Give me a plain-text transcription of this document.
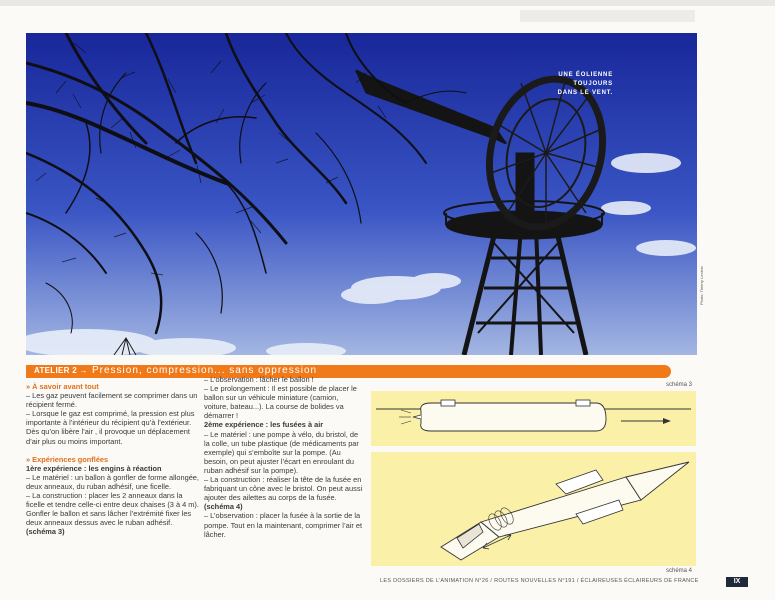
UNE ÉOLIENNE
TOUJOURS
DANS LE VENT.
Photo: Thierry Leclerc
ATELIER 2 → Pression, compression... sans oppression

» À savoir avant tout

– Les gaz peuvent facilement se comprimer dans un récipient fermé.

– Lorsque le gaz est comprimé, la pression est plus importante à l’intérieur du récipient qu’à l’extérieur. Dès qu’on libère l’air , il provoque un déplacement d’air plus ou moins important.

» Expériences gonflées

1ère expérience : les engins à réaction

– Le matériel : un ballon à gonfler de forme allongée, deux anneaux, du ruban adhésif, une ficelle.

– La construction : placer les 2 anneaux dans la ficelle et tendre celle-ci entre deux chaises (3 à 4 m). Gonfler le ballon et sans lâcher l’extrémité fixer les deux anneaux dessus avec le ruban adhésif.

(schéma 3)

– L’observation : lâcher le ballon !

– Le prolongement : Il est possible de placer le ballon sur un véhicule miniature (camion, voiture, bateau...). La course de bolides va démarrer !

2ème expérience : les fusées à air

– Le matériel : une pompe à vélo, du bristol, de la colle, un tube plastique (de médicaments par exemple) qui s’emboîte sur la pompe. (Au besoin, on peut ajuster l’écart en enroulant du ruban adhésif sur la pompe).

– La construction : réaliser la tête de la fusée en fabriquant un cône avec le bristol. On peut aussi ajouter des ailettes au corps de la fusée.

(schéma 4)

– L’observation : placer la fusée à la sortie de la pompe. Tout en la maintenant, comprimer l’air et lâcher.

schéma 3
schéma 4
LES DOSSIERS DE L’ANIMATION N°26 / ROUTES NOUVELLES N°191 / ÉCLAIREUSES ÉCLAIREURS DE FRANCE	IX
